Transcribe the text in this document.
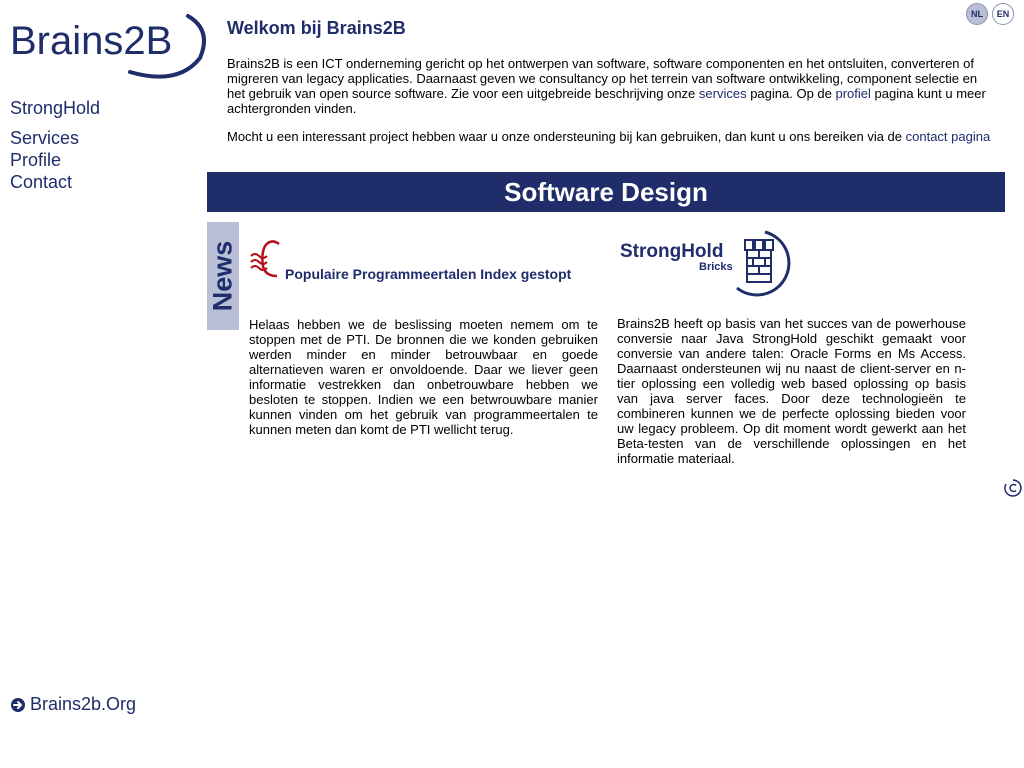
Brains2B
NL	EN
StrongHold
Services
Profile
Contact
Brains2b.Org
Welkom bij Brains2B

Brains2B is een ICT onderneming gericht op het ontwerpen van software, software componenten en het ontsluiten, converteren of migreren van legacy applicaties. Daarnaast geven we consultancy op het terrein van software ontwikkeling, component selectie en het gebruik van open source software. Zie voor een uitgebreide beschrijving onze services pagina. Op de profiel pagina kunt u meer achtergronden vinden.

Mocht u een interessant project hebben waar u onze ondersteuning bij kan gebruiken, dan kunt u ons bereiken via de contact pagina

Software Design
News	Populaire Programmeertalen Index gestopt
Helaas hebben we de beslissing moeten nemem om te stoppen met de PTI. De bronnen die we konden gebruiken werden minder en minder betrouwbaar en goede alternatieven waren er onvoldoende. Daar we liever geen informatie vestrekken dan onbetrouwbare hebben we besloten te stoppen. Indien we een betwrouwbare manier kunnen vinden om het gebruik van programmeertalen te kunnen meten dan komt de PTI wellicht terug.
StrongHold
Bricks
Brains2B heeft op basis van het succes van de powerhouse conversie naar Java StrongHold geschikt gemaakt voor conversie van andere talen: Oracle Forms en Ms Access. Daarnaast ondersteunen wij nu naast de client-server en n-tier oplossing een volledig web based oplossing op basis van java server faces. Door deze technologieën te combineren kunnen we de perfecte oplossing bieden voor uw legacy probleem. Op dit moment wordt gewerkt aan het Beta-testen van de verschillende oplossingen en het informatie materiaal.
